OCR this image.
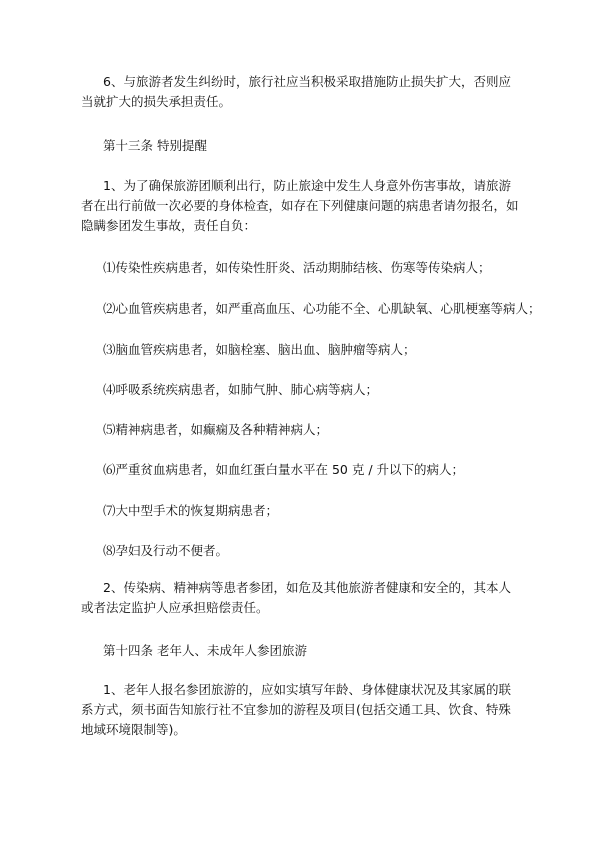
6、与旅游者发生纠纷时，旅行社应当积极采取措施防止损失扩大，否则应当就扩大的损失承担责任。

第十三条 特别提醒

1、为了确保旅游团顺利出行，防止旅途中发生人身意外伤害事故，请旅游者在出行前做一次必要的身体检查，如存在下列健康问题的病患者请勿报名，如隐瞒参团发生事故，责任自负：

⑴传染性疾病患者，如传染性肝炎、活动期肺结核、伤寒等传染病人；

⑵心血管疾病患者，如严重高血压、心功能不全、心肌缺氧、心肌梗塞等病人；

⑶脑血管疾病患者，如脑栓塞、脑出血、脑肿瘤等病人；

⑷呼吸系统疾病患者，如肺气肿、肺心病等病人；

⑸精神病患者，如癫痫及各种精神病人；

⑹严重贫血病患者，如血红蛋白量水平在 50 克 / 升以下的病人；

⑺大中型手术的恢复期病患者；

⑻孕妇及行动不便者。

2、传染病、精神病等患者参团，如危及其他旅游者健康和安全的，其本人或者法定监护人应承担赔偿责任。

第十四条 老年人、未成年人参团旅游

1、老年人报名参团旅游的，应如实填写年龄、身体健康状况及其家属的联系方式，须书面告知旅行社不宜参加的游程及项目(包括交通工具、饮食、特殊地域环境限制等)。
